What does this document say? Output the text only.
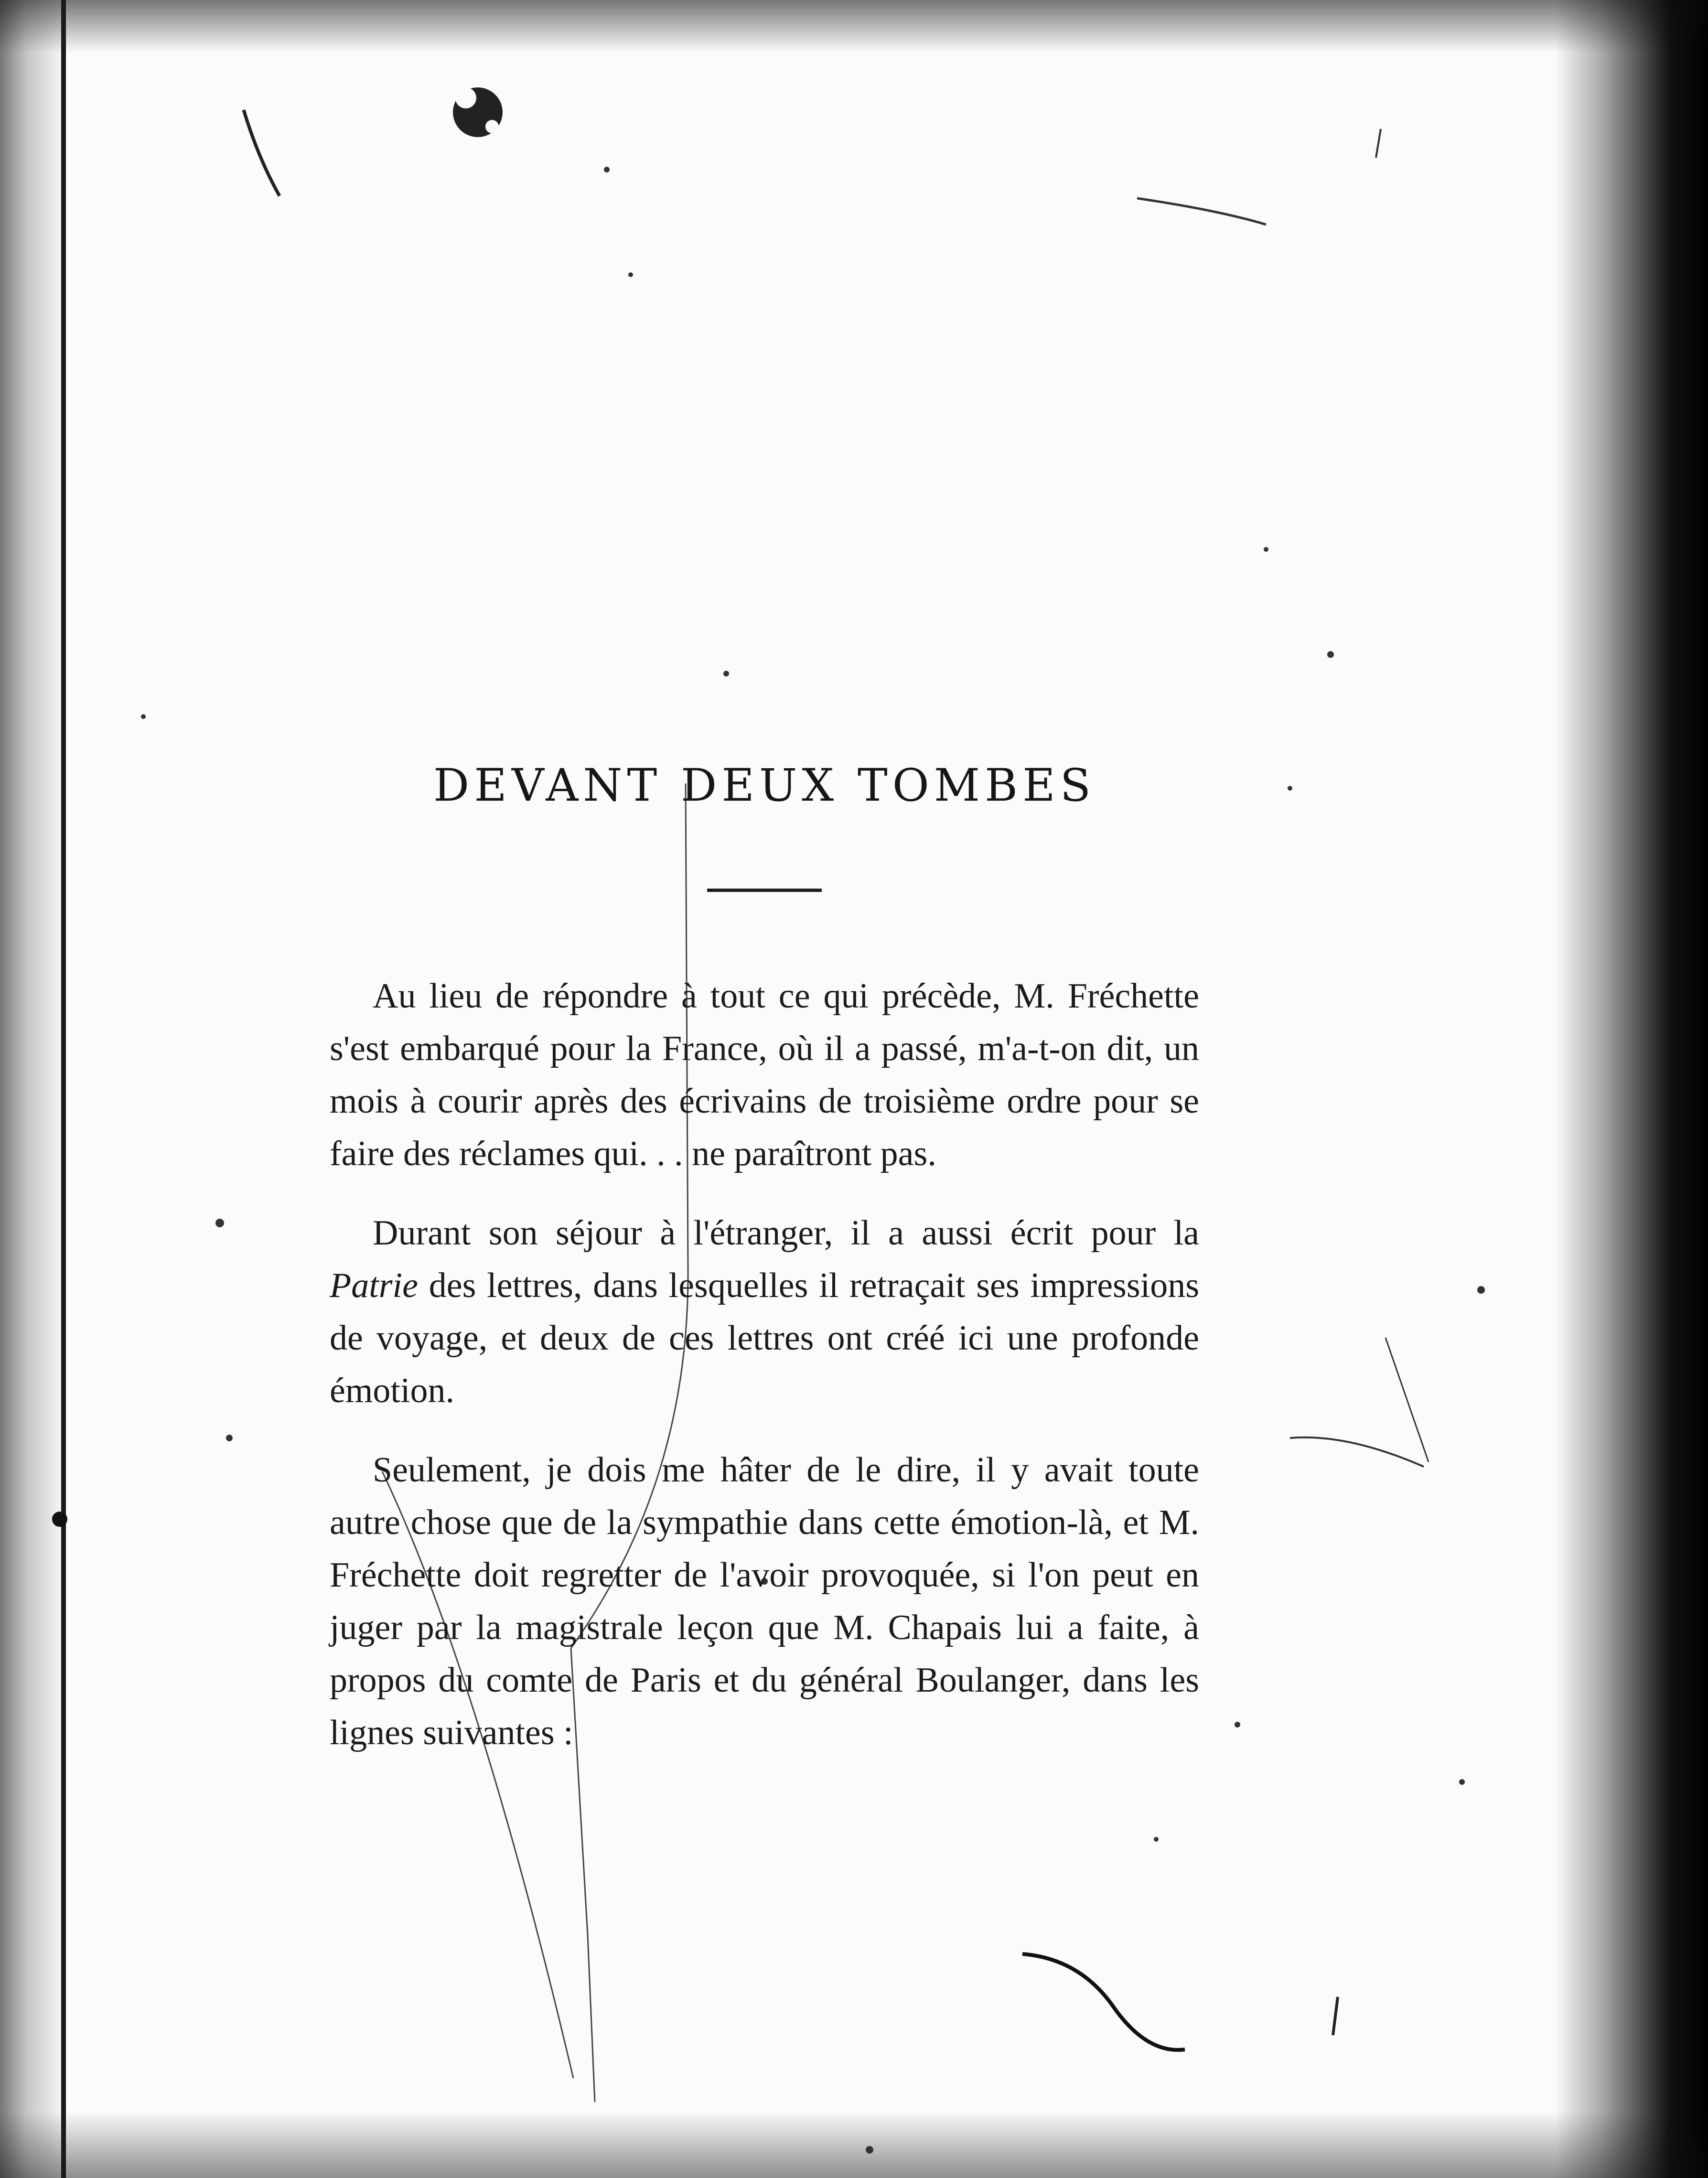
DEVANT DEUX TOMBES

Au lieu de répondre à tout ce qui précède, M. Fréchette s'est embarqué pour la France, où il a passé, m'a-t-on dit, un mois à courir après des écrivains de troisième ordre pour se faire des réclames qui. . . ne paraîtront pas.

Durant son séjour à l'étranger, il a aussi écrit pour la Patrie des lettres, dans lesquelles il retraçait ses impressions de voyage, et deux de ces lettres ont créé ici une profonde émotion.

Seulement, je dois me hâter de le dire, il y avait toute autre chose que de la sympathie dans cette émotion-là, et M. Fréchette doit regretter de l'avoir provoquée, si l'on peut en juger par la magistrale leçon que M. Chapais lui a faite, à propos du comte de Paris et du général Boulanger, dans les lignes suivantes :
